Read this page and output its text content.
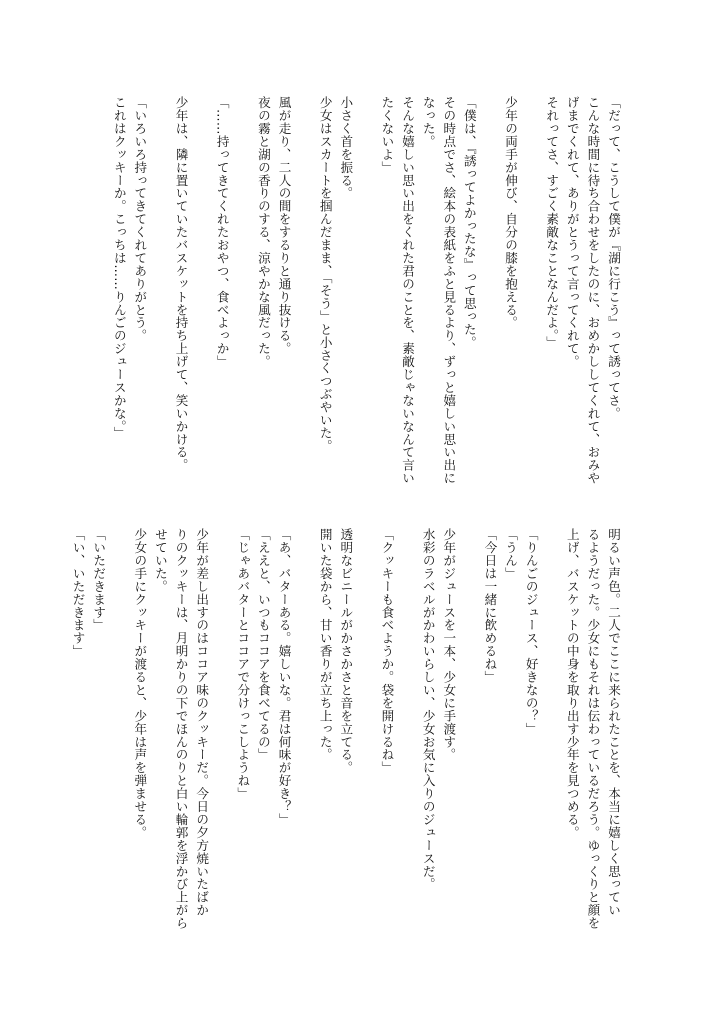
「だって、こうして僕が『湖に行こう』って誘ってさ。
こんな時間に待ち合わせをしたのに、おめかししてくれて、おみや
げまでくれて、ありがとうって言ってくれて。
それってさ、すごく素敵なことなんだよ。」
少年の両手が伸び、自分の膝を抱える。
「僕は、『誘ってよかったな』って思った。
その時点でさ、絵本の表紙をふと見るより、ずっと嬉しい思い出に
なった。
そんな嬉しい思い出をくれた君のことを、素敵じゃないなんて言い
たくないよ」
小さく首を振る。
少女はスカートを掴んだまま、「そう」と小さくつぶやいた。
風が走り、二人の間をするりと通り抜ける。
夜の霧と湖の香りのする、涼やかな風だった。
「……持ってきてくれたおやつ、食べよっか」
少年は、隣に置いていたバスケットを持ち上げて、笑いかける。
「いろいろ持ってきてくれてありがとう。
これはクッキーか。こっちは……りんごのジュースかな。」
明るい声色。二人でここに来られたことを、本当に嬉しく思ってい
るようだった。少女にもそれは伝わっているだろう。ゆっくりと顔を
上げ、バスケットの中身を取り出す少年を見つめる。
「りんごのジュース、好きなの？」
「うん」
「今日は一緒に飲めるね」
少年がジュースを一本、少女に手渡す。
水彩のラベルがかわいらしい、少女お気に入りのジュースだ。
「クッキーも食べようか。袋を開けるね」
透明なビニールがかさかさと音を立てる。
開いた袋から、甘い香りが立ち上った。
「あ、バターある。嬉しいな。君は何味が好き？」
「ええと、いつもココアを食べてるの」
「じゃあバターとココアで分けっこしようね」
少年が差し出すのはココア味のクッキーだ。今日の夕方焼いたばか
りのクッキーは、月明かりの下でほんのりと白い輪郭を浮かび上がら
せていた。
少女の手にクッキーが渡ると、少年は声を弾ませる。
「いただきます」
「い、いただきます」
